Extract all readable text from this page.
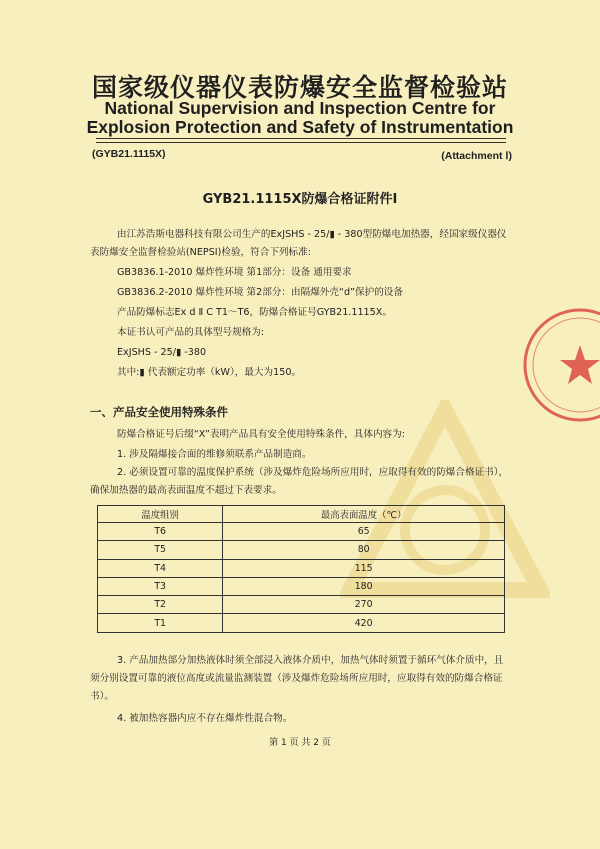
国家级仪器仪表防爆安全监督检验站
National Supervision and Inspection Centre for
Explosion Protection and Safety of Instrumentation
(GYB21.1115X)	(Attachment Ⅰ)
GYB21.1115X防爆合格证附件Ⅰ
由江苏浩斯电器科技有限公司生产的ExJSHS - 25/▮ - 380型防爆电加热器，经国家级仪器仪表防爆安全监督检验站(NEPSI)检验，符合下列标准:
GB3836.1-2010 爆炸性环境 第1部分：设备 通用要求
GB3836.2-2010 爆炸性环境 第2部分：由隔爆外壳“d”保护的设备
产品防爆标志Ex d Ⅱ C T1～T6，防爆合格证号GYB21.1115X。
本证书认可产品的具体型号规格为:
ExJSHS - 25/▮ -380
其中:▮ 代表额定功率（kW），最大为150。
一、产品安全使用特殊条件
防爆合格证号后缀“X”表明产品具有安全使用特殊条件，具体内容为:
1. 涉及隔爆接合面的维修须联系产品制造商。
2. 必须设置可靠的温度保护系统（涉及爆炸危险场所应用时，应取得有效的防爆合格证书），确保加热器的最高表面温度不超过下表要求。
温度组别	最高表面温度（℃）
T6	65
T5	80
T4	115
T3	180
T2	270
T1	420
3. 产品加热部分加热液体时须全部浸入液体介质中，加热气体时须置于循环气体介质中，且须分别设置可靠的液位高度或流量监测装置（涉及爆炸危险场所应用时，应取得有效的防爆合格证书）。
4. 被加热容器内应不存在爆炸性混合物。
第 1 页 共 2 页
